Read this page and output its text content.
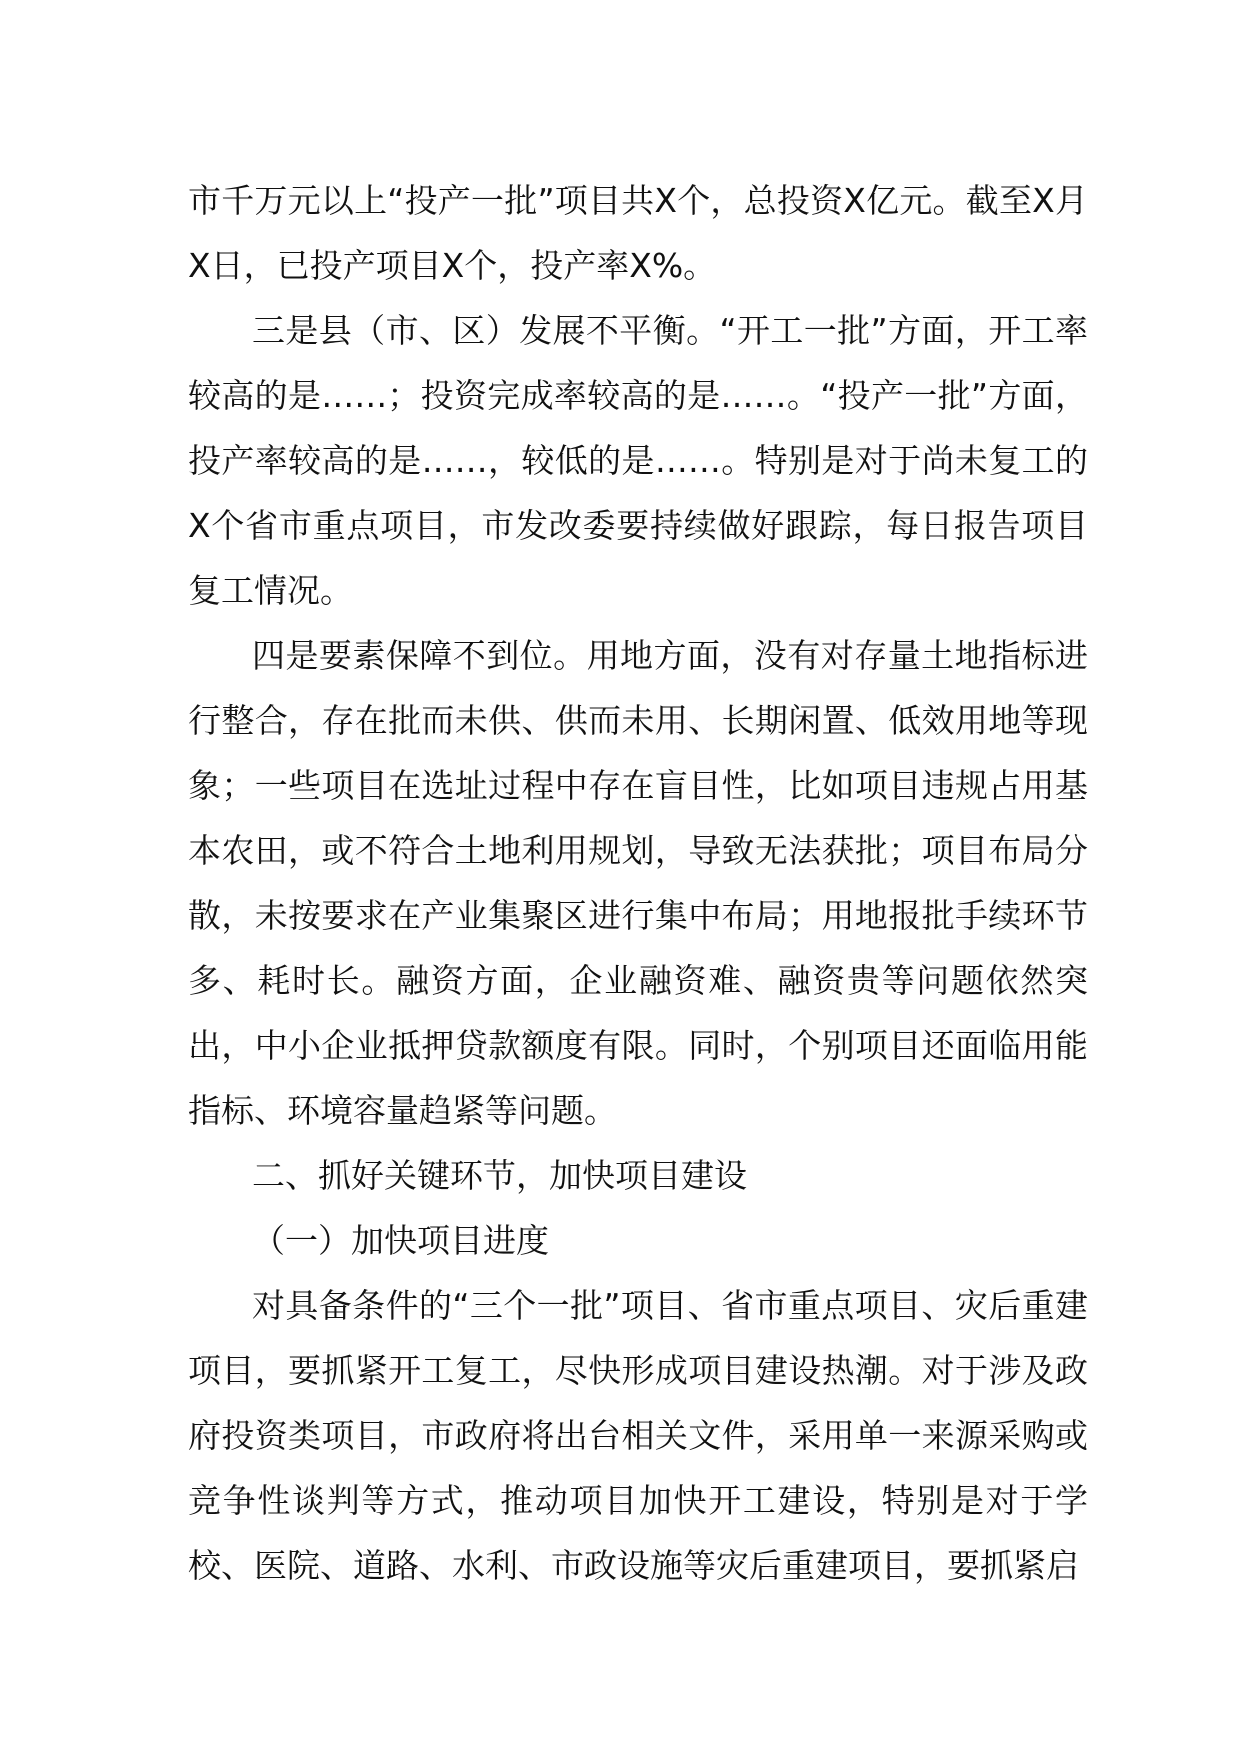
市千万元以上“投产一批”项目共X个，总投资X亿元。截至X月X日，已投产项目X个，投产率X%。

三是县（市、区）发展不平衡。“开工一批”方面，开工率较高的是……；投资完成率较高的是……。“投产一批”方面，投产率较高的是……，较低的是……。特别是对于尚未复工的X个省市重点项目，市发改委要持续做好跟踪，每日报告项目复工情况。

四是要素保障不到位。用地方面，没有对存量土地指标进行整合，存在批而未供、供而未用、长期闲置、低效用地等现象；一些项目在选址过程中存在盲目性，比如项目违规占用基本农田，或不符合土地利用规划，导致无法获批；项目布局分散，未按要求在产业集聚区进行集中布局；用地报批手续环节多、耗时长。融资方面，企业融资难、融资贵等问题依然突出，中小企业抵押贷款额度有限。同时，个别项目还面临用能指标、环境容量趋紧等问题。

二、抓好关键环节，加快项目建设

（一）加快项目进度

对具备条件的“三个一批”项目、省市重点项目、灾后重建项目，要抓紧开工复工，尽快形成项目建设热潮。对于涉及政府投资类项目，市政府将出台相关文件，采用单一来源采购或竞争性谈判等方式，推动项目加快开工建设，特别是对于学校、医院、道路、水利、市政设施等灾后重建项目，要抓紧启
